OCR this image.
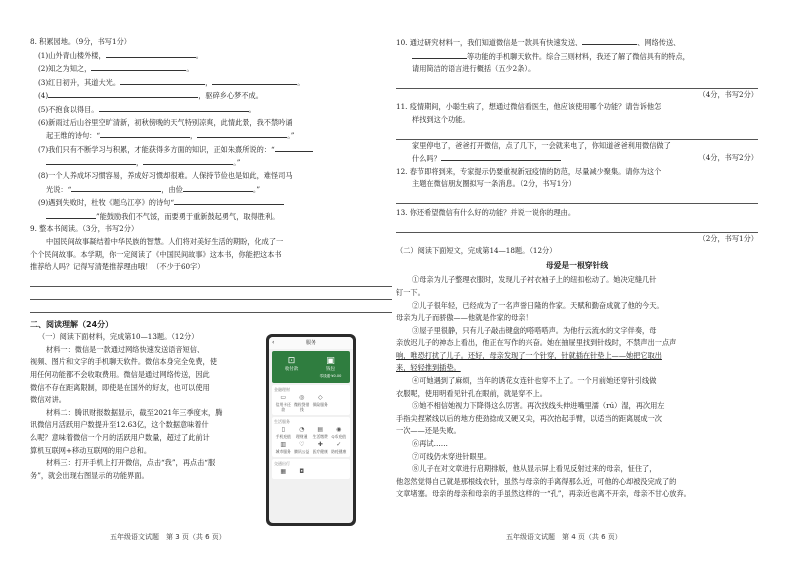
8. 积累园地。（9分，书写1分）
(1)山外青山楼外楼，	。
(2)知之为知之，	。
(3)红日初升，其道大光。	，	。
(4)	，驱碎乡心梦不成。
(5)不抱食以得目。	。
(6)新雨过后山谷里空旷清新，初秋傍晚的天气特别凉爽，此情此景，我不禁吟诵
起王维的诗句：“	，	。”
(7)我们只有不断学习与积累，才能获得多方面的知识，正如朱熹所说的：“
，	。”
(8)一个人养成坏习惯容易，养成好习惯却很难。人保持节俭也是如此，难怪司马
光说：“	，由俭	。”
(9)遇到失败时，杜牧《题乌江亭》的诗句“
”能鼓励我们不气馁，而要勇于重新鼓起勇气，取得胜利。
9. 整本书阅读。（3分，书写2分）
中国民间故事凝结着中华民族的智慧。人们将对美好生活的期盼，化成了一
个个民间故事。本学期，你一定阅读了《中国民间故事》这本书，你能把这本书
推荐给人吗？记得写清楚推荐理由哦！（不少于60字）
二、阅读理解（24分）
（一）阅读下面材料，完成第10—13题。（12分）
材料一：微信是一款通过网络快速发送语音短信、
视频、图片和文字的手机聊天软件。微信本身完全免费，使
用任何功能都不会收取费用。微信是通过网络传送，因此
微信不存在距离限制，即使是在国外的好友，也可以使用
微信对讲。
材料二：腾讯财报数据显示，截至2021年三季度末，腾
讯微信月活跃用户数提升至12.63亿，这个数据意味着什
么呢？意味着微信一个月的活跃用户数量，超过了此前计
算机互联网+移动互联网的用户总和。
材料三：打开手机上打开微信，点击“我”，再点击“服
务”，就会出现右图显示的功能界面。
‹	服务
⊡
收付款
▣
钱包
零钱通·¥0.00
金融理财
▭
信用卡还款
◎
微粒贷借钱
◇
保险服务
生活服务
▯
手机充值
◔
理财通
▤
生活缴费
◉
Q币充值
▥
城市服务
♡
腾讯公益
✚
医疗健康
✓
防疫健康
交通出行
▦	◘
五年级语文试题　第 3 页（共 6 页）
10. 通过研究材料一，我们知道微信是一款具有快速发送、	、网络传送、
等功能的手机聊天软件。综合三则材料，我还了解了微信具有的特点，
请用简洁的语言进行概括（五少2条）。
（4分，书写2分）
11. 疫情期间，小聪生病了，想通过微信看医生，他应该使用哪个功能？请告诉他怎
样找到这个功能。
家里停电了，爸爸打开微信，点了几下，一会就来电了，你知道爸爸利用微信做了
什么吗？	（4分，书写2分）
12. 春节即将到来，专家提示仍要重视新冠疫情的防范，尽量减少聚集。请你为这个
主题在微信朋友圈拟写一条消息。（2分，书写1分）
13. 你还希望微信有什么好的功能？并说一说你的理由。
（2分，书写1分）
（二）阅读下面短文，完成第14—18题。（12分）
母爱是一根穿针线
①母亲为儿子整理衣服时，发现儿子衬衣袖子上的纽扣松动了。她决定缝几针
钉一下。
②儿子很年轻，已经成为了一名声誉日隆的作家。天赋和勤奋成就了他的今天。
母亲为儿子而骄傲——他就是作家的母亲！
③屋子里很静，只有儿子敲击键盘的嗒嗒嗒声。为他行云流水的文字伴奏，母
亲放迟儿子的神态上看出，他正在写作的兴奋。她在抽屉里找到针线时，不禁声出一点声
响，唯恐打扰了儿子。还好，母亲发现了一个针穿，针就插在针垫上——她把它取出
来，轻轻推到插垫。
④可她遇到了麻烦，当年的诱花女连针也穿不上了。一个月前她还穿针引线做
衣服呢，使用明看见针孔在眼前，就是穿不上。
⑤她不相信她视力下降得这么厉害。再次找线头伸进嘴里濡（rú）湿，再次用左
手指尖捏紧线以后的地方使劲捻成又硬又尖，再次抬起手臂，以适当的距离展成一次
一次——还是失败。
⑥再试……
⑦可线仍未穿进针眼里。
⑧儿子在对文章进行启期排版，他从显示屏上看见反射过来的母亲，怔住了，
他忽然觉得自己就是那根线衣针，虽然与母亲的手离得那么近，可他的心却被没完成了的
文章堵塞。母亲的母亲和母亲的手虽然这样的一“孔”，再亲近也离不开亲，母亲不甘心放弃。
五年级语文试题　第 4 页（共 6 页）
